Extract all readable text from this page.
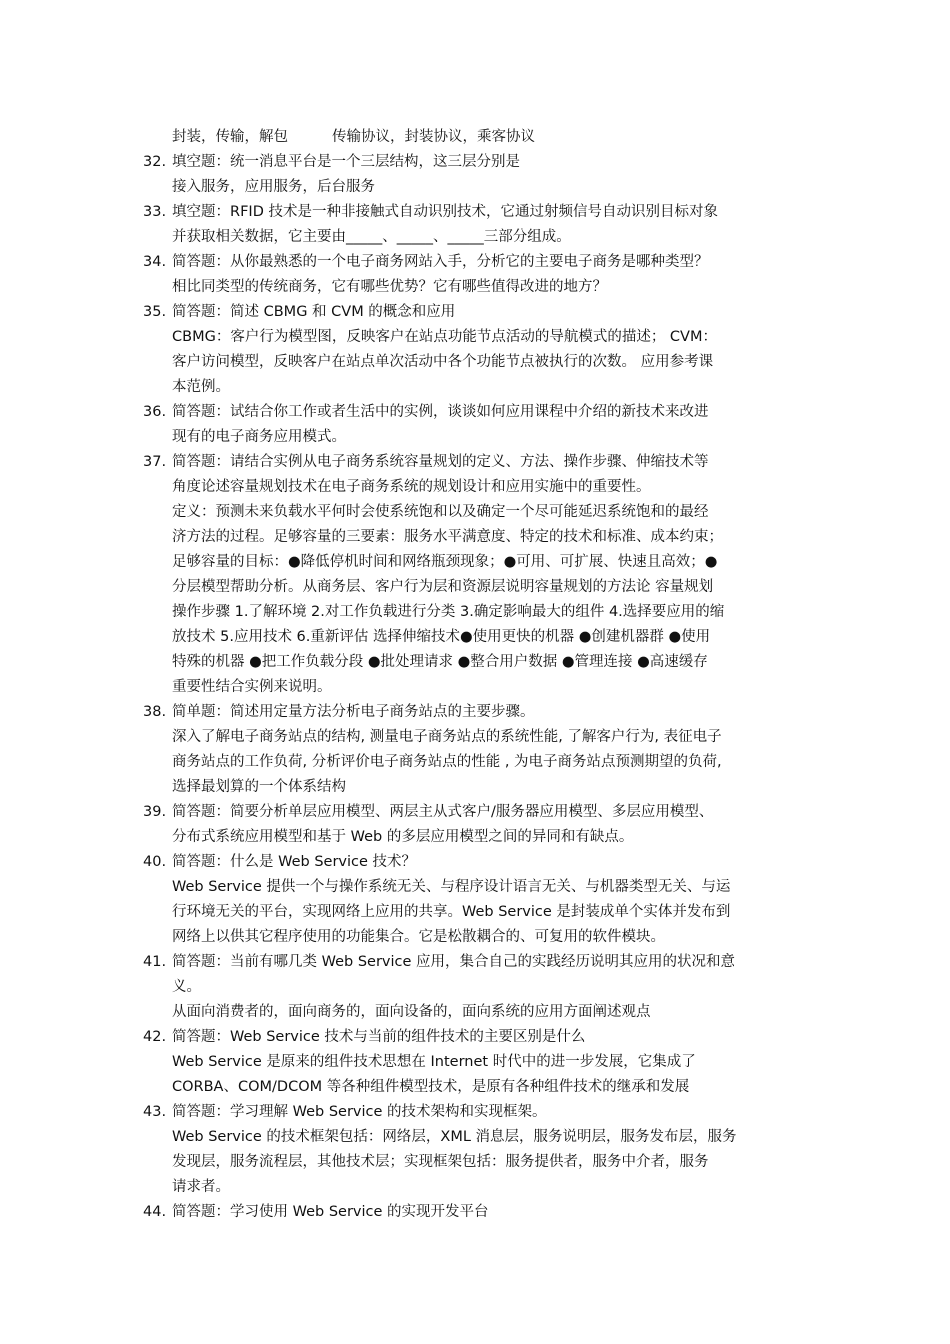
封装，传输，解包	传输协议，封装协议，乘客协议
32. 填空题：统一消息平台是一个三层结构，这三层分别是
接入服务，应用服务，后台服务
33. 填空题：RFID 技术是一种非接触式自动识别技术，它通过射频信号自动识别目标对象
并获取相关数据，它主要由_____、_____、_____三部分组成。
34. 简答题：从你最熟悉的一个电子商务网站入手，分析它的主要电子商务是哪种类型？
相比同类型的传统商务，它有哪些优势？它有哪些值得改进的地方？
35. 简答题：简述 CBMG 和 CVM 的概念和应用
CBMG：客户行为模型图，反映客户在站点功能节点活动的导航模式的描述； CVM：
客户访问模型，反映客户在站点单次活动中各个功能节点被执行的次数。 应用参考课
本范例。
36. 简答题：试结合你工作或者生活中的实例，谈谈如何应用课程中介绍的新技术来改进
现有的电子商务应用模式。
37. 简答题：请结合实例从电子商务系统容量规划的定义、方法、操作步骤、伸缩技术等
角度论述容量规划技术在电子商务系统的规划设计和应用实施中的重要性。
定义：预测未来负载水平何时会使系统饱和以及确定一个尽可能延迟系统饱和的最经
济方法的过程。足够容量的三要素：服务水平满意度、特定的技术和标准、成本约束；
足够容量的目标：●降低停机时间和网络瓶颈现象；●可用、可扩展、快速且高效；●
分层模型帮助分析。从商务层、客户行为层和资源层说明容量规划的方法论 容量规划
操作步骤 1.了解环境 2.对工作负载进行分类 3.确定影响最大的组件 4.选择要应用的缩
放技术 5.应用技术 6.重新评估 选择伸缩技术●使用更快的机器 ●创建机器群 ●使用
特殊的机器 ●把工作负载分段 ●批处理请求 ●整合用户数据 ●管理连接 ●高速缓存
重要性结合实例来说明。
38. 简单题：简述用定量方法分析电子商务站点的主要步骤。
深入了解电子商务站点的结构, 测量电子商务站点的系统性能, 了解客户行为, 表征电子
商务站点的工作负荷, 分析评价电子商务站点的性能 , 为电子商务站点预测期望的负荷,
选择最划算的一个体系结构
39. 简答题：简要分析单层应用模型、两层主从式客户/服务器应用模型、多层应用模型、
分布式系统应用模型和基于 Web 的多层应用模型之间的异同和有缺点。
40. 简答题：什么是 Web Service 技术？
Web Service 提供一个与操作系统无关、与程序设计语言无关、与机器类型无关、与运
行环境无关的平台，实现网络上应用的共享。Web Service 是封装成单个实体并发布到
网络上以供其它程序使用的功能集合。它是松散耦合的、可复用的软件模块。
41. 简答题：当前有哪几类 Web Service 应用，集合自己的实践经历说明其应用的状况和意
义。
从面向消费者的，面向商务的，面向设备的，面向系统的应用方面阐述观点
42. 简答题：Web Service 技术与当前的组件技术的主要区别是什么
Web Service 是原来的组件技术思想在 Internet 时代中的进一步发展，它集成了
CORBA、COM/DCOM 等各种组件模型技术，是原有各种组件技术的继承和发展
43. 简答题：学习理解 Web Service 的技术架构和实现框架。
Web Service 的技术框架包括：网络层，XML 消息层，服务说明层，服务发布层，服务
发现层，服务流程层，其他技术层；实现框架包括：服务提供者，服务中介者，服务
请求者。
44. 简答题：学习使用 Web Service 的实现开发平台
